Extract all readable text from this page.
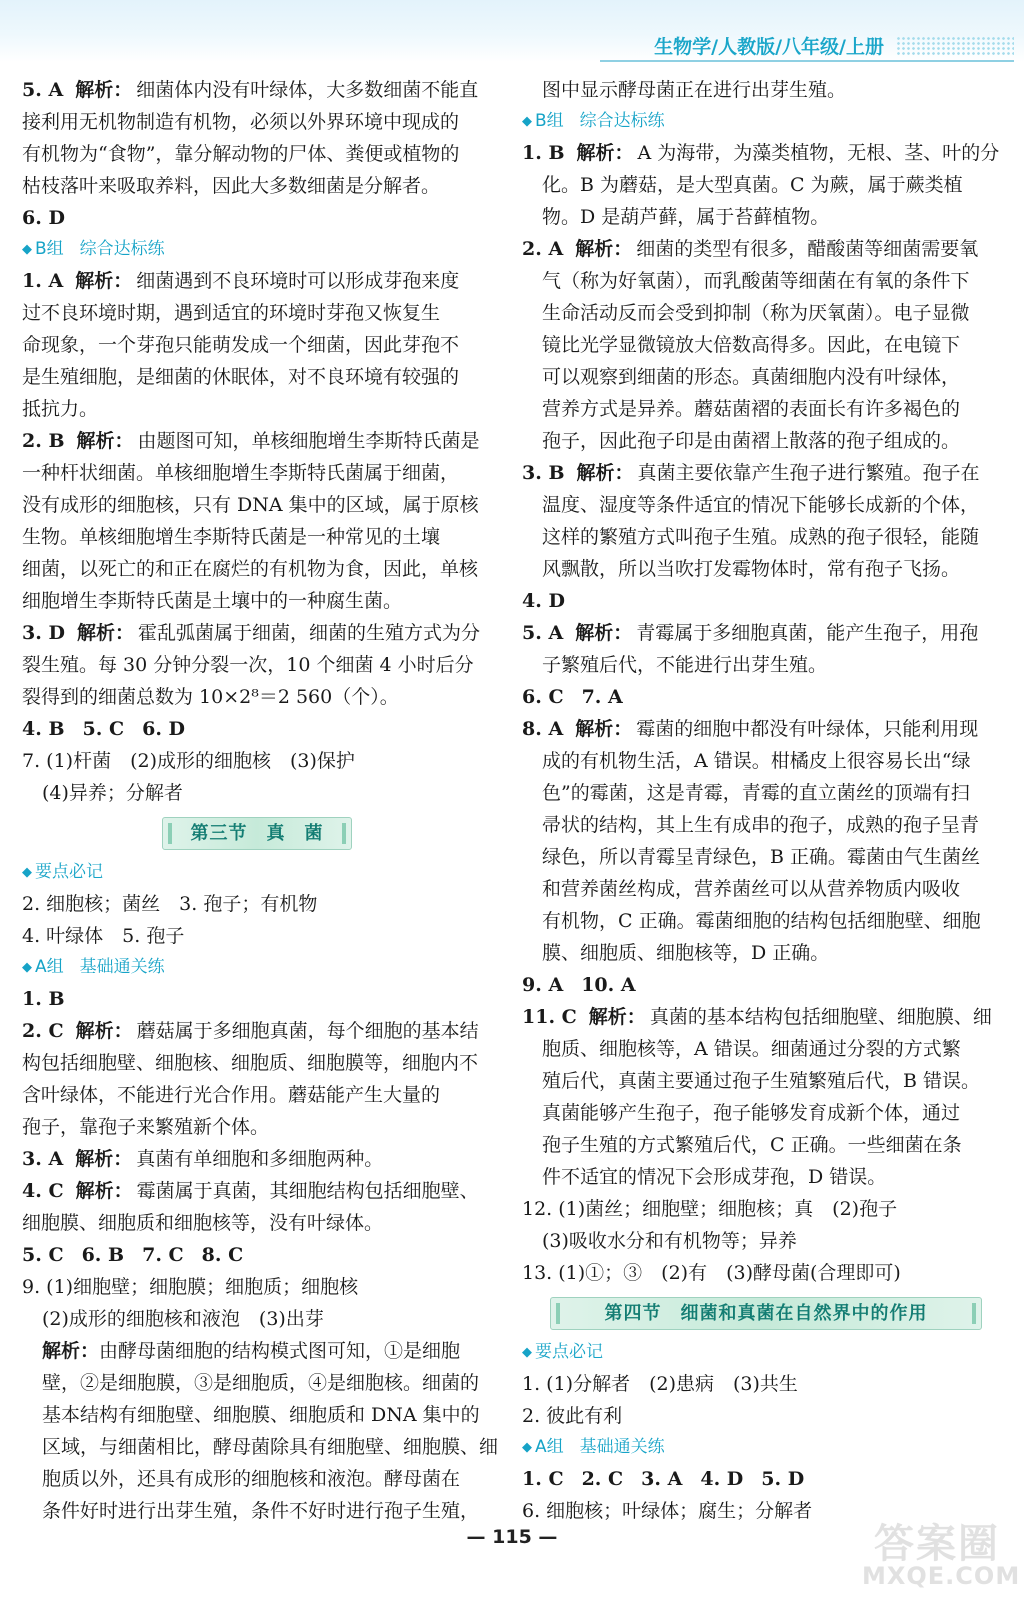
生物学/人教版/八年级/上册
5. A 解析： 细菌体内没有叶绿体，大多数细菌不能直
接利用无机物制造有机物，必须以外界环境中现成的
有机物为“食物”，靠分解动物的尸体、粪便或植物的
枯枝落叶来吸取养料，因此大多数细菌是分解者。
6. D
◆ B组 综合达标练
1. A 解析： 细菌遇到不良环境时可以形成芽孢来度
过不良环境时期，遇到适宜的环境时芽孢又恢复生
命现象，一个芽孢只能萌发成一个细菌，因此芽孢不
是生殖细胞，是细菌的休眠体，对不良环境有较强的
抵抗力。
2. B 解析： 由题图可知，单核细胞增生李斯特氏菌是
一种杆状细菌。单核细胞增生李斯特氏菌属于细菌，
没有成形的细胞核，只有 DNA 集中的区域，属于原核
生物。单核细胞增生李斯特氏菌是一种常见的土壤
细菌，以死亡的和正在腐烂的有机物为食，因此，单核
细胞增生李斯特氏菌是土壤中的一种腐生菌。
3. D 解析： 霍乱弧菌属于细菌，细菌的生殖方式为分
裂生殖。每 30 分钟分裂一次，10 个细菌 4 小时后分
裂得到的细菌总数为 10×2⁸＝2 560（个）。
4. B 5. C 6. D
7. (1)杆菌　(2)成形的细胞核　(3)保护
(4)异养；分解者
第三节　真　菌
◆ 要点必记
2. 细胞核；菌丝　3. 孢子；有机物
4. 叶绿体　5. 孢子
◆ A组 基础通关练
1. B
2. C 解析： 蘑菇属于多细胞真菌，每个细胞的基本结
构包括细胞壁、细胞核、细胞质、细胞膜等，细胞内不
含叶绿体，不能进行光合作用。蘑菇能产生大量的
孢子，靠孢子来繁殖新个体。
3. A 解析： 真菌有单细胞和多细胞两种。
4. C 解析： 霉菌属于真菌，其细胞结构包括细胞壁、
细胞膜、细胞质和细胞核等，没有叶绿体。
5. C 6. B 7. C 8. C
9. (1)细胞壁；细胞膜；细胞质；细胞核
(2)成形的细胞核和液泡　(3)出芽
解析：由酵母菌细胞的结构模式图可知，①是细胞
壁，②是细胞膜，③是细胞质，④是细胞核。细菌的
基本结构有细胞壁、细胞膜、细胞质和 DNA 集中的
区域，与细菌相比，酵母菌除具有细胞壁、细胞膜、细
胞质以外，还具有成形的细胞核和液泡。酵母菌在
条件好时进行出芽生殖，条件不好时进行孢子生殖，
图中显示酵母菌正在进行出芽生殖。
◆ B组 综合达标练
1. B 解析： A 为海带，为藻类植物，无根、茎、叶的分
化。B 为蘑菇，是大型真菌。C 为蕨，属于蕨类植
物。D 是葫芦藓，属于苔藓植物。
2. A 解析： 细菌的类型有很多，醋酸菌等细菌需要氧
气（称为好氧菌），而乳酸菌等细菌在有氧的条件下
生命活动反而会受到抑制（称为厌氧菌）。电子显微
镜比光学显微镜放大倍数高得多。因此，在电镜下
可以观察到细菌的形态。真菌细胞内没有叶绿体，
营养方式是异养。蘑菇菌褶的表面长有许多褐色的
孢子，因此孢子印是由菌褶上散落的孢子组成的。
3. B 解析： 真菌主要依靠产生孢子进行繁殖。孢子在
温度、湿度等条件适宜的情况下能够长成新的个体，
这样的繁殖方式叫孢子生殖。成熟的孢子很轻，能随
风飘散，所以当吹打发霉物体时，常有孢子飞扬。
4. D
5. A 解析： 青霉属于多细胞真菌，能产生孢子，用孢
子繁殖后代，不能进行出芽生殖。
6. C 7. A
8. A 解析： 霉菌的细胞中都没有叶绿体，只能利用现
成的有机物生活，A 错误。柑橘皮上很容易长出“绿
色”的霉菌，这是青霉，青霉的直立菌丝的顶端有扫
帚状的结构，其上生有成串的孢子，成熟的孢子呈青
绿色，所以青霉呈青绿色，B 正确。霉菌由气生菌丝
和营养菌丝构成，营养菌丝可以从营养物质内吸收
有机物，C 正确。霉菌细胞的结构包括细胞壁、细胞
膜、细胞质、细胞核等，D 正确。
9. A 10. A
11. C 解析： 真菌的基本结构包括细胞壁、细胞膜、细
胞质、细胞核等，A 错误。细菌通过分裂的方式繁
殖后代，真菌主要通过孢子生殖繁殖后代，B 错误。
真菌能够产生孢子，孢子能够发育成新个体，通过
孢子生殖的方式繁殖后代，C 正确。一些细菌在条
件不适宜的情况下会形成芽孢，D 错误。
12. (1)菌丝；细胞壁；细胞核；真　(2)孢子
(3)吸收水分和有机物等；异养
13. (1)①；③　(2)有　(3)酵母菌(合理即可)
第四节　细菌和真菌在自然界中的作用
◆ 要点必记
1. (1)分解者　(2)患病　(3)共生
2. 彼此有利
◆ A组 基础通关练
1. C 2. C 3. A 4. D 5. D
6. 细胞核；叶绿体；腐生；分解者
— 115 —	答案圈
MXQE.COM
